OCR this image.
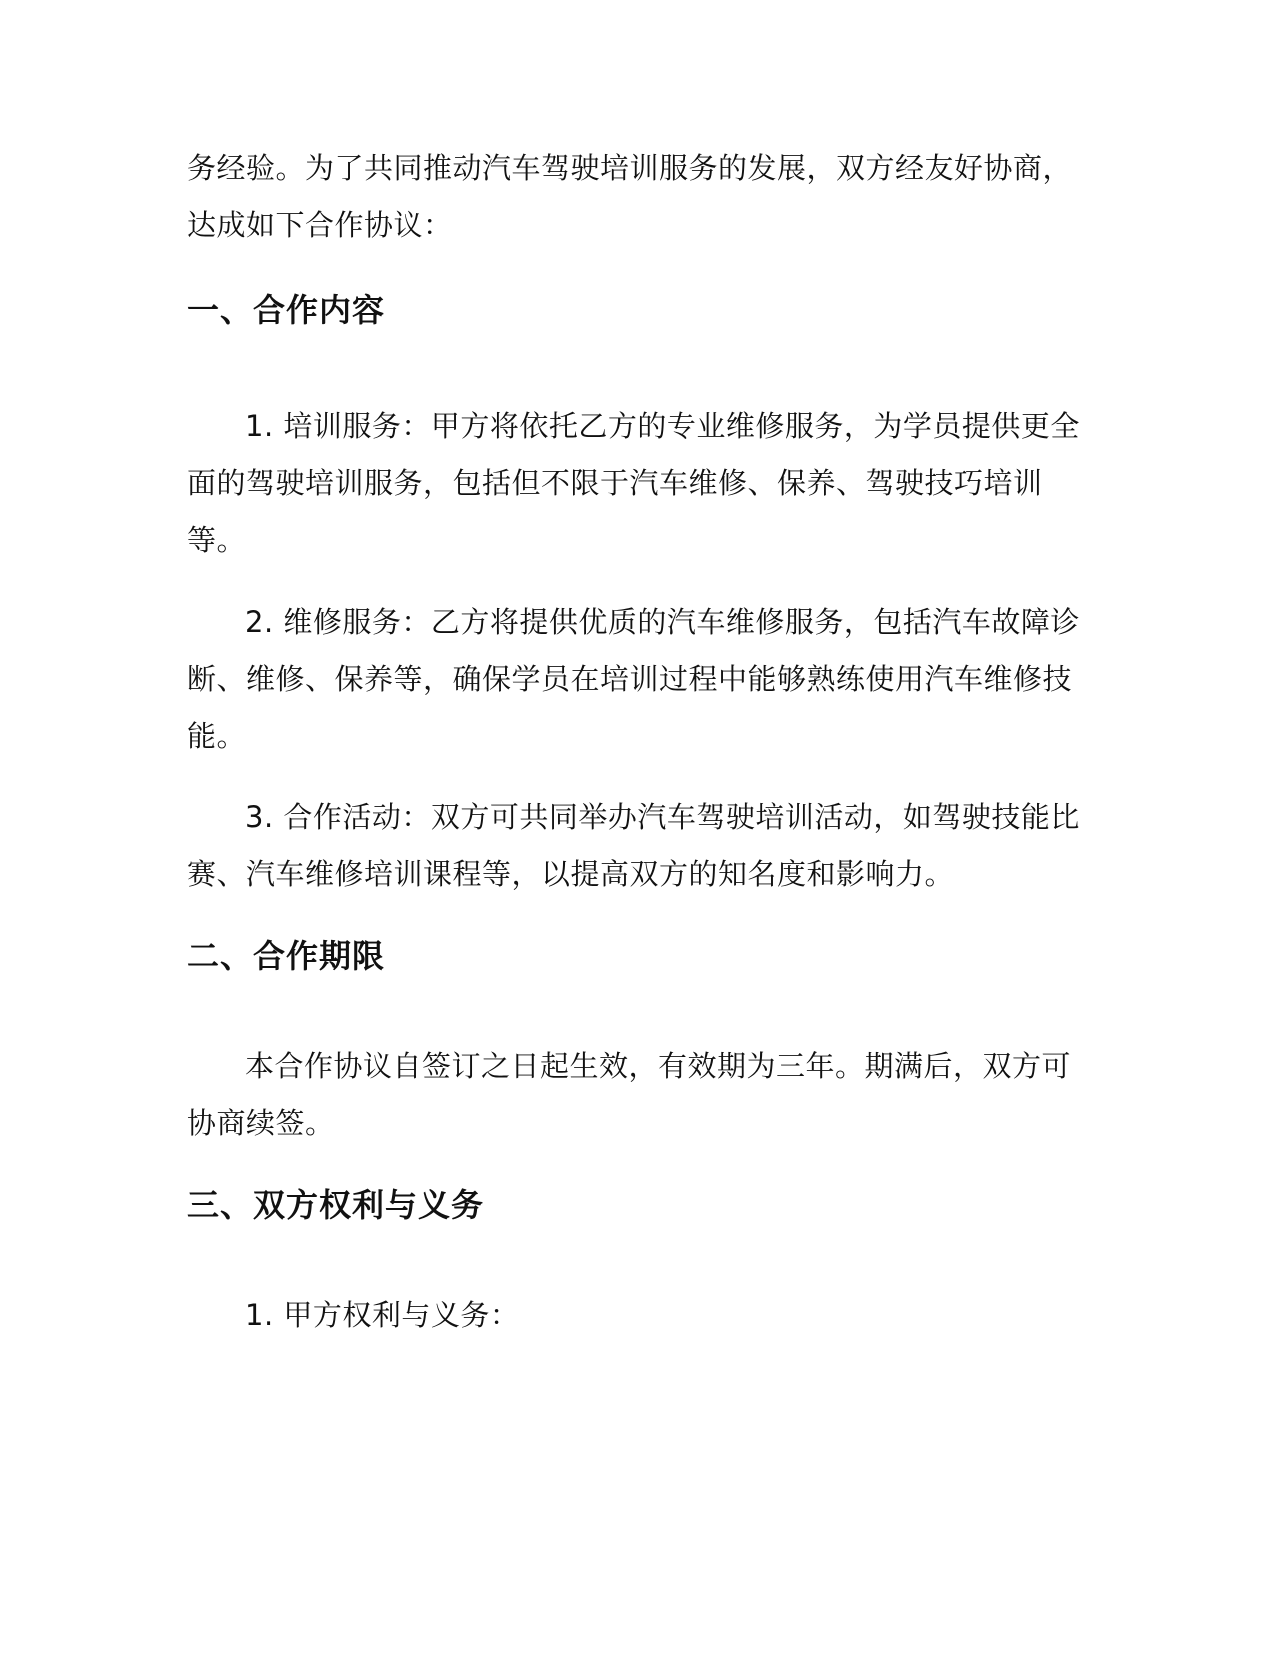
务经验。为了共同推动汽车驾驶培训服务的发展，双方经友好协商，
达成如下合作协议：
一、合作内容
1. 培训服务：甲方将依托乙方的专业维修服务，为学员提供更全
面的驾驶培训服务，包括但不限于汽车维修、保养、驾驶技巧培训
等。
2. 维修服务：乙方将提供优质的汽车维修服务，包括汽车故障诊
断、维修、保养等，确保学员在培训过程中能够熟练使用汽车维修技
能。
3. 合作活动：双方可共同举办汽车驾驶培训活动，如驾驶技能比
赛、汽车维修培训课程等，以提高双方的知名度和影响力。
二、合作期限
本合作协议自签订之日起生效，有效期为三年。期满后，双方可
协商续签。
三、双方权利与义务
1. 甲方权利与义务：
